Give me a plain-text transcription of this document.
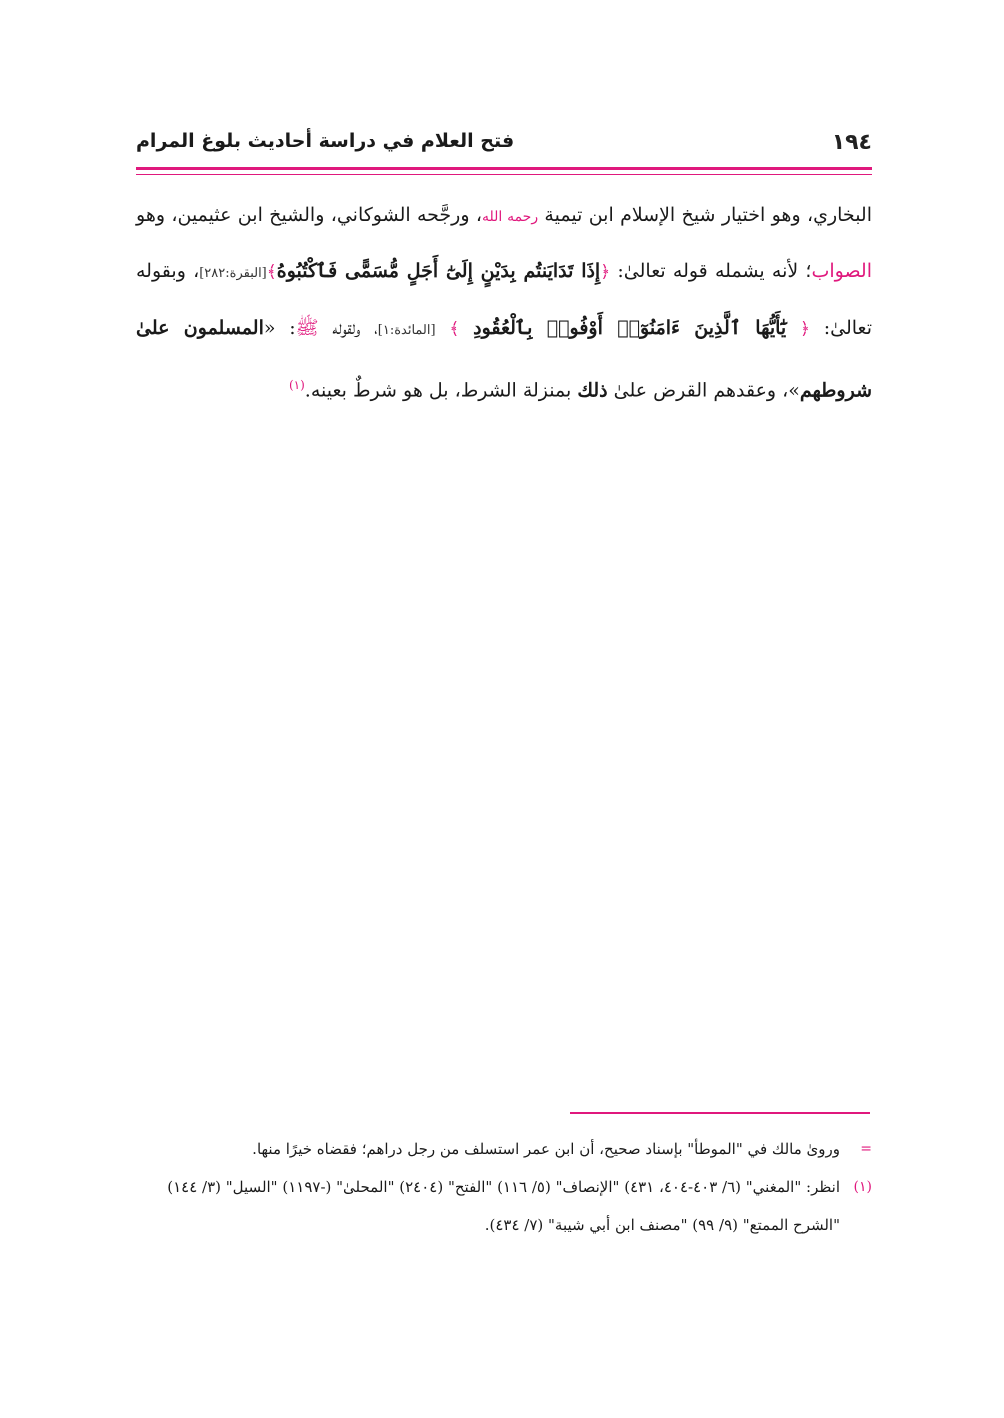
١٩٤
فتح العلام في دراسة أحاديث بلوغ المرام
البخاري، وهو اختيار شيخ الإسلام ابن تيمية رحمه الله، ورجَّحه الشوكاني، والشيخ ابن عثيمين، وهو الصواب؛ لأنه يشمله قوله تعالىٰ: ﴿إِذَا تَدَايَنتُم بِدَيْنٍ إِلَىٰٓ أَجَلٍ مُّسَمًّى فَٱكْتُبُوهُ﴾[البقرة:٢٨٢]، وبقوله تعالىٰ: ﴿ يَٰٓأَيُّهَا ٱلَّذِينَ ءَامَنُوٓا۟ أَوْفُوا۟ بِٱلْعُقُودِ ﴾ [المائدة:١]، ولقوله ﷺ: «المسلمون علىٰ شروطهم»، وعقدهم القرض علىٰ ذلك بمنزلة الشرط، بل هو شرطٌ بعينه.$^{(١)}$
=
ورویٰ مالك في "الموطأ" بإسناد صحيح، أن ابن عمر استسلف من رجل دراهم؛ فقضاه خيرًا منها.
(١)
انظر: "المغني" (٦/ ٤٠٣-٤٠٤، ٤٣١) "الإنصاف" (٥/ ١١٦) "الفتح" (٢٤٠٤) "المحلیٰ" (-١١٩٧) "السيل" (٣/ ١٤٤) "الشرح الممتع" (٩/ ٩٩) "مصنف ابن أبي شيبة" (٧/ ٤٣٤).
